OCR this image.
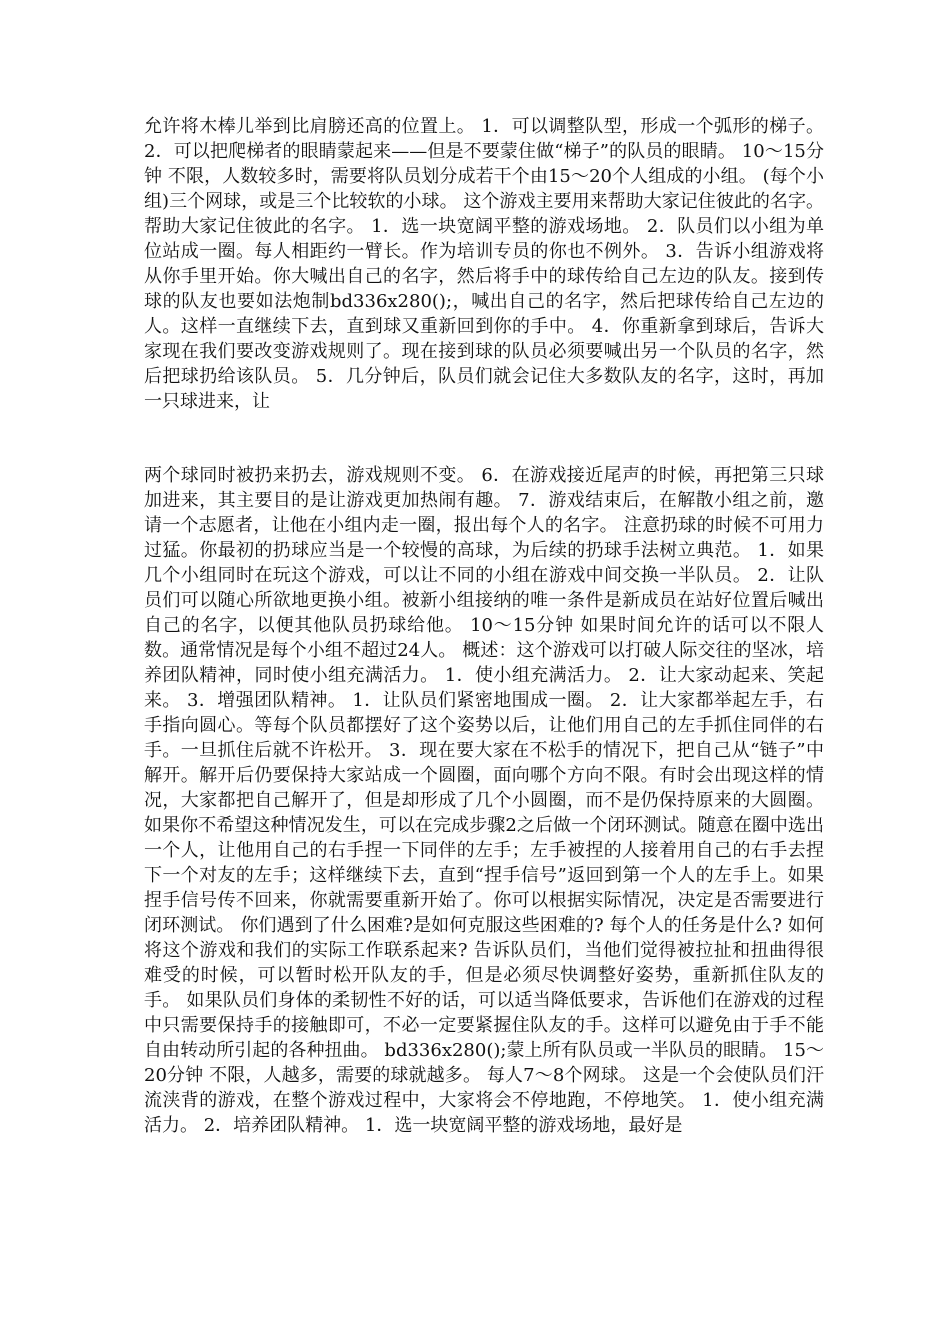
允许将木棒儿举到比肩膀还高的位置上。 1．可以调整队型，形成一个弧形的梯子。 2．可以把爬梯者的眼睛蒙起来——但是不要蒙住做“梯子”的队员的眼睛。 10～15分钟 不限，人数较多时，需要将队员划分成若干个由15～20个人组成的小组。 (每个小组)三个网球，或是三个比较软的小球。 这个游戏主要用来帮助大家记住彼此的名字。 帮助大家记住彼此的名字。 1．选一块宽阔平整的游戏场地。 2．队员们以小组为单位站成一圈。每人相距约一臂长。作为培训专员的你也不例外。 3．告诉小组游戏将从你手里开始。你大喊出自己的名字，然后将手中的球传给自己左边的队友。接到传球的队友也要如法炮制bd336x280();，喊出自己的名字，然后把球传给自己左边的人。这样一直继续下去，直到球又重新回到你的手中。 4．你重新拿到球后，告诉大家现在我们要改变游戏规则了。现在接到球的队员必须要喊出另一个队员的名字，然后把球扔给该队员。 5．几分钟后，队员们就会记住大多数队友的名字，这时，再加一只球进来，让

两个球同时被扔来扔去，游戏规则不变。 6．在游戏接近尾声的时候，再把第三只球加进来，其主要目的是让游戏更加热闹有趣。 7．游戏结束后，在解散小组之前，邀请一个志愿者，让他在小组内走一圈，报出每个人的名字。 注意扔球的时候不可用力过猛。你最初的扔球应当是一个较慢的高球，为后续的扔球手法树立典范。 1．如果几个小组同时在玩这个游戏，可以让不同的小组在游戏中间交换一半队员。 2．让队员们可以随心所欲地更换小组。被新小组接纳的唯一条件是新成员在站好位置后喊出自己的名字，以便其他队员扔球给他。 10～15分钟 如果时间允许的话可以不限人数。通常情况是每个小组不超过24人。 概述：这个游戏可以打破人际交往的坚冰，培养团队精神，同时使小组充满活力。 1．使小组充满活力。 2．让大家动起来、笑起来。 3．增强团队精神。 1．让队员们紧密地围成一圈。 2．让大家都举起左手，右手指向圆心。等每个队员都摆好了这个姿势以后，让他们用自己的左手抓住同伴的右手。一旦抓住后就不许松开。 3．现在要大家在不松手的情况下，把自己从“链子”中解开。解开后仍要保持大家站成一个圆圈，面向哪个方向不限。有时会出现这样的情况，大家都把自己解开了，但是却形成了几个小圆圈，而不是仍保持原来的大圆圈。如果你不希望这种情况发生，可以在完成步骤2之后做一个闭环测试。随意在圈中选出一个人，让他用自己的右手捏一下同伴的左手；左手被捏的人接着用自己的右手去捏下一个对友的左手；这样继续下去，直到“捏手信号”返回到第一个人的左手上。如果捏手信号传不回来，你就需要重新开始了。你可以根据实际情况，决定是否需要进行闭环测试。 你们遇到了什么困难?是如何克服这些困难的? 每个人的任务是什么? 如何将这个游戏和我们的实际工作联系起来? 告诉队员们，当他们觉得被拉扯和扭曲得很难受的时候，可以暂时松开队友的手，但是必须尽快调整好姿势，重新抓住队友的手。 如果队员们身体的柔韧性不好的话，可以适当降低要求，告诉他们在游戏的过程中只需要保持手的接触即可，不必一定要紧握住队友的手。这样可以避免由于手不能自由转动所引起的各种扭曲。 bd336x280();蒙上所有队员或一半队员的眼睛。 15～20分钟 不限，人越多，需要的球就越多。 每人7～8个网球。 这是一个会使队员们汗流浃背的游戏，在整个游戏过程中，大家将会不停地跑，不停地笑。 1．使小组充满活力。 2．培养团队精神。 1．选一块宽阔平整的游戏场地，最好是
